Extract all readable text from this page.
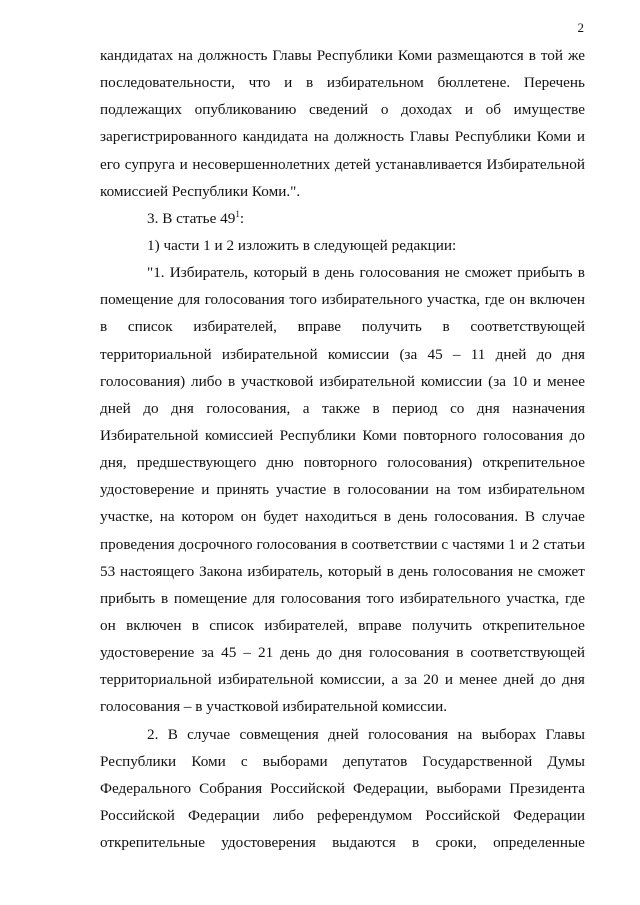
2
кандидатах на должность Главы Республики Коми размещаются в той же
последовательности, что и в избирательном бюллетене. Перечень
подлежащих опубликованию сведений о доходах и об имуществе
зарегистрированного кандидата на должность Главы Республики Коми и
его супруга и несовершеннолетних детей устанавливается Избирательной
комиссией Республики Коми.".
3. В статье $49^1$:
1) части 1 и 2 изложить в следующей редакции:
"1. Избиратель, который в день голосования не сможет прибыть в
помещение для голосования того избирательного участка, где он включен
в список избирателей, вправе получить в соответствующей
территориальной избирательной комиссии (за 45 – 11 дней до дня
голосования) либо в участковой избирательной комиссии (за 10 и менее
дней до дня голосования, а также в период со дня назначения
Избирательной комиссией Республики Коми повторного голосования до
дня, предшествующего дню повторного голосования) открепительное
удостоверение и принять участие в голосовании на том избирательном
участке, на котором он будет находиться в день голосования. В случае
проведения досрочного голосования в соответствии с частями 1 и 2 статьи
53 настоящего Закона избиратель, который в день голосования не сможет
прибыть в помещение для голосования того избирательного участка, где
он включен в список избирателей, вправе получить открепительное
удостоверение за 45 – 21 день до дня голосования в соответствующей
территориальной избирательной комиссии, а за 20 и менее дней до дня
голосования – в участковой избирательной комиссии.
2. В случае совмещения дней голосования на выборах Главы
Республики Коми с выборами депутатов Государственной Думы
Федерального Собрания Российской Федерации, выборами Президента
Российской Федерации либо референдумом Российской Федерации
открепительные удостоверения выдаются в сроки, определенные
